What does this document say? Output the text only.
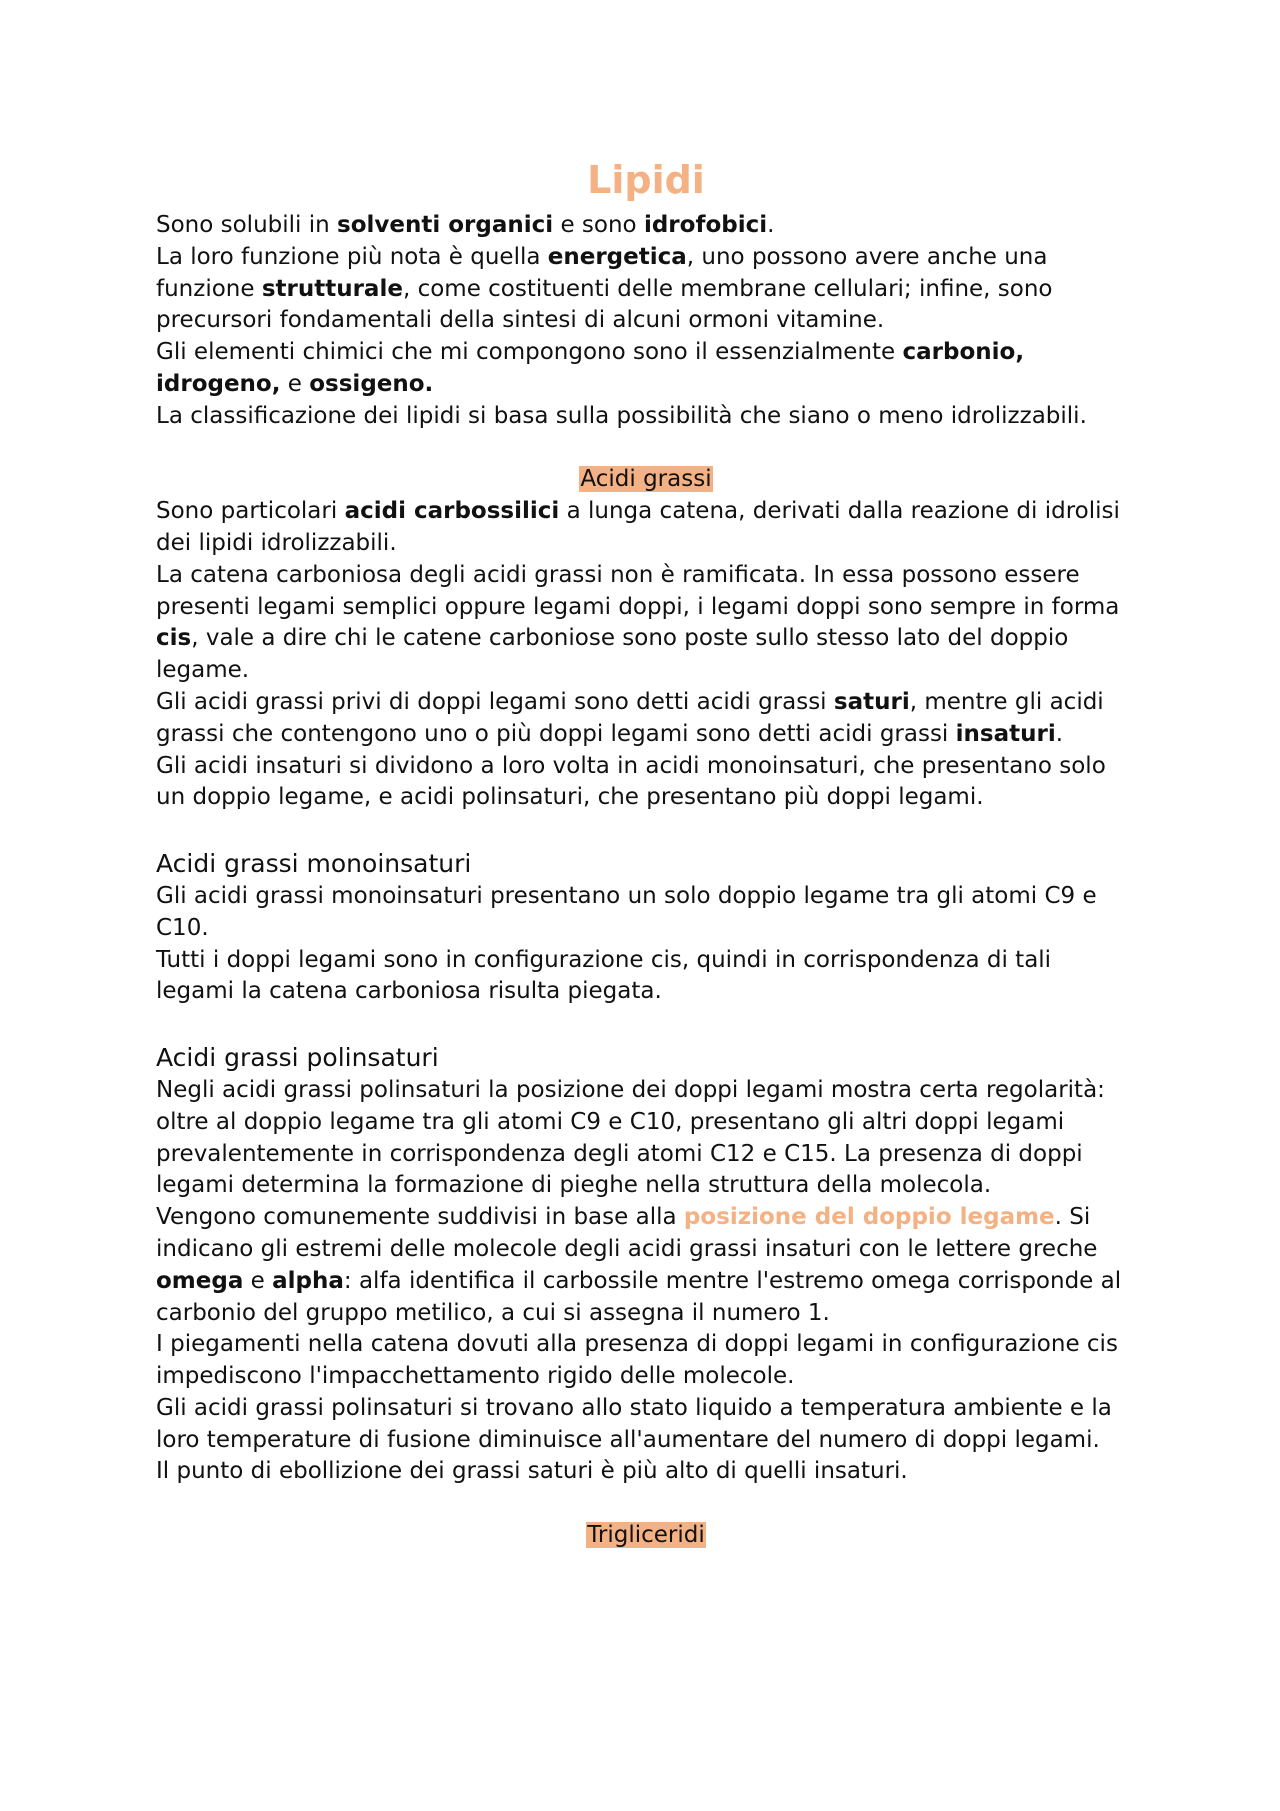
Lipidi

Sono solubili in solventi organici e sono idrofobici.

La loro funzione più nota è quella energetica, uno possono avere anche una funzione strutturale, come costituenti delle membrane cellulari; infine, sono precursori fondamentali della sintesi di alcuni ormoni vitamine.

Gli elementi chimici che mi compongono sono il essenzialmente carbonio, idrogeno, e ossigeno.

La classificazione dei lipidi si basa sulla possibilità che siano o meno idrolizzabili.

Acidi grassi

Sono particolari acidi carbossilici a lunga catena, derivati dalla reazione di idrolisi dei lipidi idrolizzabili.

La catena carboniosa degli acidi grassi non è ramificata. In essa possono essere presenti legami semplici oppure legami doppi, i legami doppi sono sempre in forma cis, vale a dire chi le catene carboniose sono poste sullo stesso lato del doppio legame.

Gli acidi grassi privi di doppi legami sono detti acidi grassi saturi, mentre gli acidi grassi che contengono uno o più doppi legami sono detti acidi grassi insaturi.

Gli acidi insaturi si dividono a loro volta in acidi monoinsaturi, che presentano solo un doppio legame, e acidi polinsaturi, che presentano più doppi legami.

Acidi grassi monoinsaturi

Gli acidi grassi monoinsaturi presentano un solo doppio legame tra gli atomi C9 e C10.

Tutti i doppi legami sono in configurazione cis, quindi in corrispondenza di tali legami la catena carboniosa risulta piegata.

Acidi grassi polinsaturi

Negli acidi grassi polinsaturi la posizione dei doppi legami mostra certa regolarità: oltre al doppio legame tra gli atomi C9 e C10, presentano gli altri doppi legami prevalentemente in corrispondenza degli atomi C12 e C15. La presenza di doppi legami determina la formazione di pieghe nella struttura della molecola.

Vengono comunemente suddivisi in base alla posizione del doppio legame. Si indicano gli estremi delle molecole degli acidi grassi insaturi con le lettere greche omega e alpha: alfa identifica il carbossile mentre l'estremo omega corrisponde al carbonio del gruppo metilico, a cui si assegna il numero 1.

I piegamenti nella catena dovuti alla presenza di doppi legami in configurazione cis impediscono l'impacchettamento rigido delle molecole.

Gli acidi grassi polinsaturi si trovano allo stato liquido a temperatura ambiente e la loro temperature di fusione diminuisce all'aumentare del numero di doppi legami.

Il punto di ebollizione dei grassi saturi è più alto di quelli insaturi.

Trigliceridi
